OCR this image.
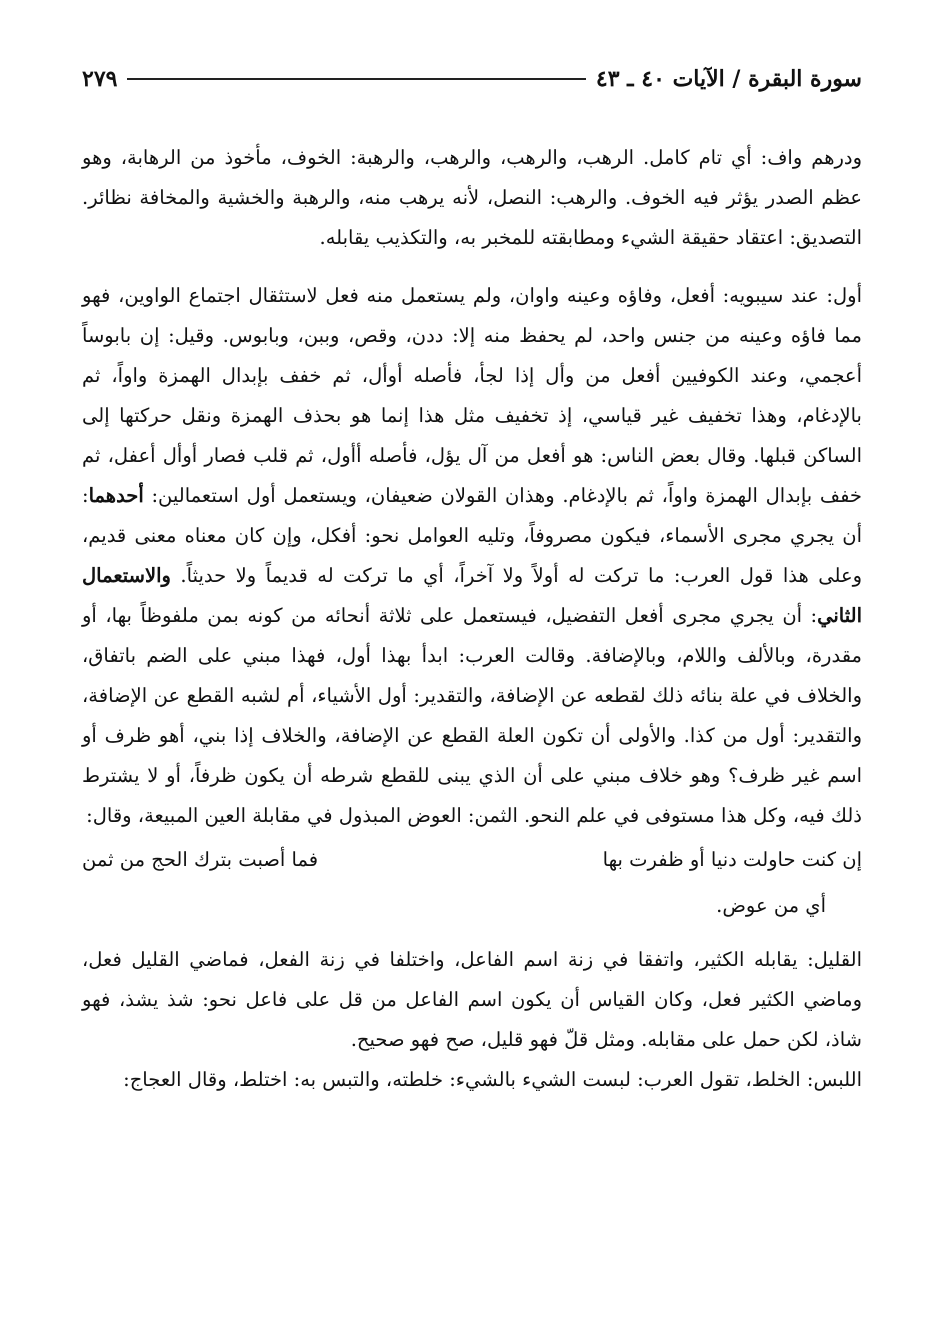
سورة البقرة / الآيات ٤٠ ـ ٤٣
٢٧٩

ودرهم واف: أي تام كامل. الرهب، والرهب، والرهب، والرهبة: الخوف، مأخوذ من الرهابة، وهو عظم الصدر يؤثر فيه الخوف. والرهب: النصل، لأنه يرهب منه، والرهبة والخشية والمخافة نظائر. التصديق: اعتقاد حقيقة الشيء ومطابقته للمخبر به، والتكذيب يقابله.

أول: عند سيبويه: أفعل، وفاؤه وعينه واوان، ولم يستعمل منه فعل لاستثقال اجتماع الواوين، فهو مما فاؤه وعينه من جنس واحد، لم يحفظ منه إلا: ددن، وقص، وببن، وبابوس. وقيل: إن بابوساً أعجمي، وعند الكوفيين أفعل من وأل إذا لجأ، فأصله أوأل، ثم خفف بإبدال الهمزة واواً، ثم بالإدغام، وهذا تخفيف غير قياسي، إذ تخفيف مثل هذا إنما هو بحذف الهمزة ونقل حركتها إلى الساكن قبلها. وقال بعض الناس: هو أفعل من آل يؤل، فأصله أأول، ثم قلب فصار أوأل أعفل، ثم خفف بإبدال الهمزة واواً، ثم بالإدغام. وهذان القولان ضعيفان، ويستعمل أول استعمالين: أحدهما: أن يجري مجرى الأسماء، فيكون مصروفاً، وتليه العوامل نحو: أفكل، وإن كان معناه معنى قديم، وعلى هذا قول العرب: ما تركت له أولاً ولا آخراً، أي ما تركت له قديماً ولا حديثاً. والاستعمال الثاني: أن يجري مجرى أفعل التفضيل، فيستعمل على ثلاثة أنحائه من كونه بمن ملفوظاً بها، أو مقدرة، وبالألف واللام، وبالإضافة. وقالت العرب: ابدأ بهذا أول، فهذا مبني على الضم باتفاق، والخلاف في علة بنائه ذلك لقطعه عن الإضافة، والتقدير: أول الأشياء، أم لشبه القطع عن الإضافة، والتقدير: أول من كذا. والأولى أن تكون العلة القطع عن الإضافة، والخلاف إذا بني، أهو ظرف أو اسم غير ظرف؟ وهو خلاف مبني على أن الذي يبنى للقطع شرطه أن يكون ظرفاً، أو لا يشترط ذلك فيه، وكل هذا مستوفى في علم النحو. الثمن: العوض المبذول في مقابلة العين المبيعة، وقال:

إن كنت حاولت دنيا أو ظفرت بها
فما أصبت بترك الحج من ثمن

أي من عوض.

القليل: يقابله الكثير، واتفقا في زنة اسم الفاعل، واختلفا في زنة الفعل، فماضي القليل فعل، وماضي الكثير فعل، وكان القياس أن يكون اسم الفاعل من قل على فاعل نحو: شذ يشذ، فهو شاذ، لكن حمل على مقابله. ومثل قلّ فهو قليل، صح فهو صحيح.

اللبس: الخلط، تقول العرب: لبست الشيء بالشيء: خلطته، والتبس به: اختلط، وقال العجاج:
